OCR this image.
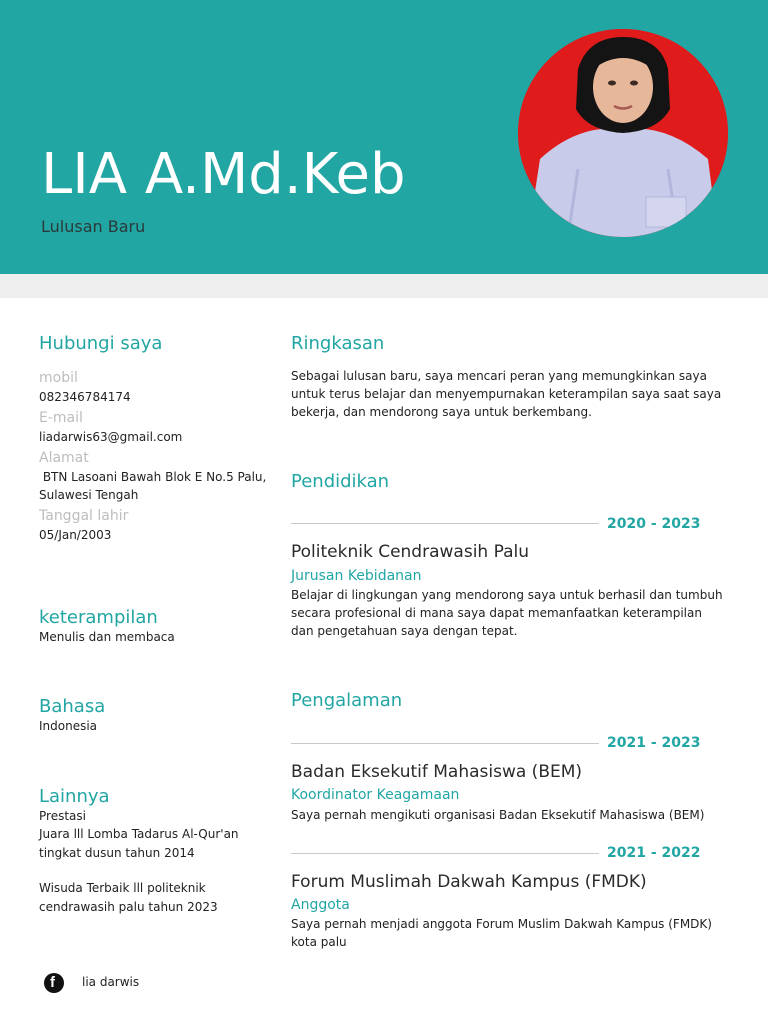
LIA A.Md.Keb
Lulusan Baru
Hubungi saya
mobil
082346784174
E-mail
liadarwis63@gmail.com
Alamat
BTN Lasoani Bawah Blok E No.5 Palu,
Sulawesi Tengah
Tanggal lahir
05/Jan/2003
keterampilan
Menulis dan membaca
Bahasa
Indonesia
Lainnya
Prestasi
Juara lll Lomba Tadarus Al-Qur'an
tingkat dusun tahun 2014
Wisuda Terbaik lll politeknik
cendrawasih palu tahun 2023
Ringkasan
Sebagai lulusan baru, saya mencari peran yang memungkinkan saya
untuk terus belajar dan menyempurnakan keterampilan saya saat saya
bekerja, dan mendorong saya untuk berkembang.
Pendidikan
2020 - 2023
Politeknik Cendrawasih Palu
Jurusan Kebidanan
Belajar di lingkungan yang mendorong saya untuk berhasil dan tumbuh
secara profesional di mana saya dapat memanfaatkan keterampilan
dan pengetahuan saya dengan tepat.
Pengalaman
2021 - 2023
Badan Eksekutif Mahasiswa (BEM)
Koordinator Keagamaan
Saya pernah mengikuti organisasi Badan Eksekutif Mahasiswa (BEM)
2021 - 2022
Forum Muslimah Dakwah Kampus (FMDK)
Anggota
Saya pernah menjadi anggota Forum Muslim Dakwah Kampus (FMDK)
kota palu
f lia darwis
